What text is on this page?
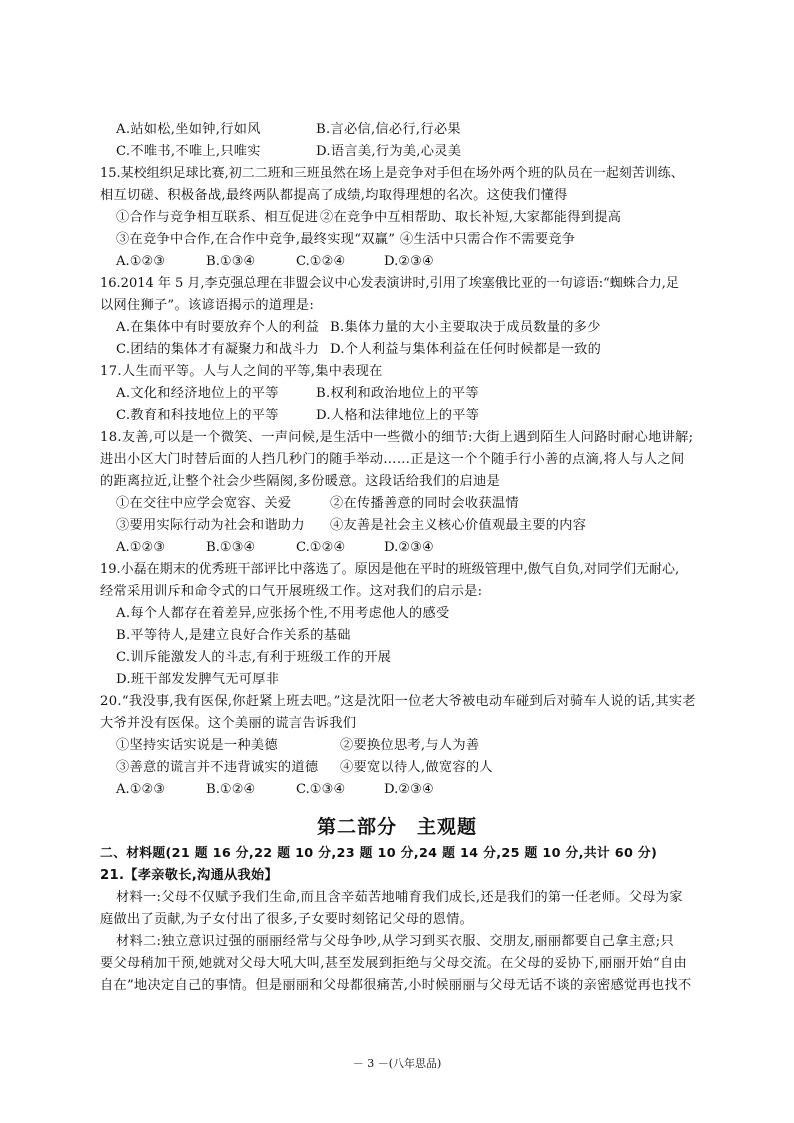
A.站如松,坐如钟,行如风	B.言必信,信必行,行必果
C.不唯书,不唯上,只唯实	D.语言美,行为美,心灵美
15.某校组织足球比赛,初二二班和三班虽然在场上是竞争对手但在场外两个班的队员在一起刻苦训练、
相互切磋、积极备战,最终两队都提高了成绩,均取得理想的名次。这使我们懂得
①合作与竞争相互联系、相互促进 ②在竞争中互相帮助、取长补短,大家都能得到提高
③在竞争中合作,在合作中竞争,最终实现“双赢” ④生活中只需合作不需要竞争
A.①②③	B.①③④	C.①②④	D.②③④
16.2014 年 5 月,李克强总理在非盟会议中心发表演讲时,引用了埃塞俄比亚的一句谚语:“蜘蛛合力,足
以网住狮子”。该谚语揭示的道理是:
A.在集体中有时要放弃个人的利益 B.集体力量的大小主要取决于成员数量的多少
C.团结的集体才有凝聚力和战斗力 D.个人利益与集体利益在任何时候都是一致的
17.人生而平等。人与人之间的平等,集中表现在
A.文化和经济地位上的平等	B.权利和政治地位上的平等
C.教育和科技地位上的平等	D.人格和法律地位上的平等
18.友善,可以是一个微笑、一声问候,是生活中一些微小的细节:大街上遇到陌生人问路时耐心地讲解;
进出小区大门时替后面的人挡几秒门的随手举动……正是这一个个随手行小善的点滴,将人与人之间
的距离拉近,让整个社会少些隔阂,多份暖意。这段话给我们的启迪是
①在交往中应学会宽容、关爱	②在传播善意的同时会收获温情
③要用实际行动为社会和谐助力 ④友善是社会主义核心价值观最主要的内容
A.①②③	B.①③④	C.①②④	D.②③④
19.小磊在期末的优秀班干部评比中落选了。原因是他在平时的班级管理中,傲气自负,对同学们无耐心,
经常采用训斥和命令式的口气开展班级工作。这对我们的启示是:
A.每个人都存在着差异,应张扬个性,不用考虑他人的感受
B.平等待人,是建立良好合作关系的基础
C.训斥能激发人的斗志,有利于班级工作的开展
D.班干部发发脾气无可厚非
20.“我没事,我有医保,你赶紧上班去吧。”这是沈阳一位老大爷被电动车碰到后对骑车人说的话,其实老
大爷并没有医保。这个美丽的谎言告诉我们
①坚持实话实说是一种美德	②要换位思考,与人为善
③善意的谎言并不违背诚实的道德 ④要宽以待人,做宽容的人
A.①②③	B.①②④	C.①③④	D.②③④
第二部分　主观题
二、材料题(21 题 16 分,22 题 10 分,23 题 10 分,24 题 14 分,25 题 10 分,共计 60 分)
21.【孝亲敬长,沟通从我始】
材料一:父母不仅赋予我们生命,而且含辛茹苦地哺育我们成长,还是我们的第一任老师。父母为家
庭做出了贡献,为子女付出了很多,子女要时刻铭记父母的恩情。
材料二:独立意识过强的丽丽经常与父母争吵,从学习到买衣服、交朋友,丽丽都要自己拿主意;只
要父母稍加干预,她就对父母大吼大叫,甚至发展到拒绝与父母交流。在父母的妥协下,丽丽开始“自由
自在”地决定自己的事情。但是丽丽和父母都很痛苦,小时候丽丽与父母无话不谈的亲密感觉再也找不
－ 3 －(八年思品)
